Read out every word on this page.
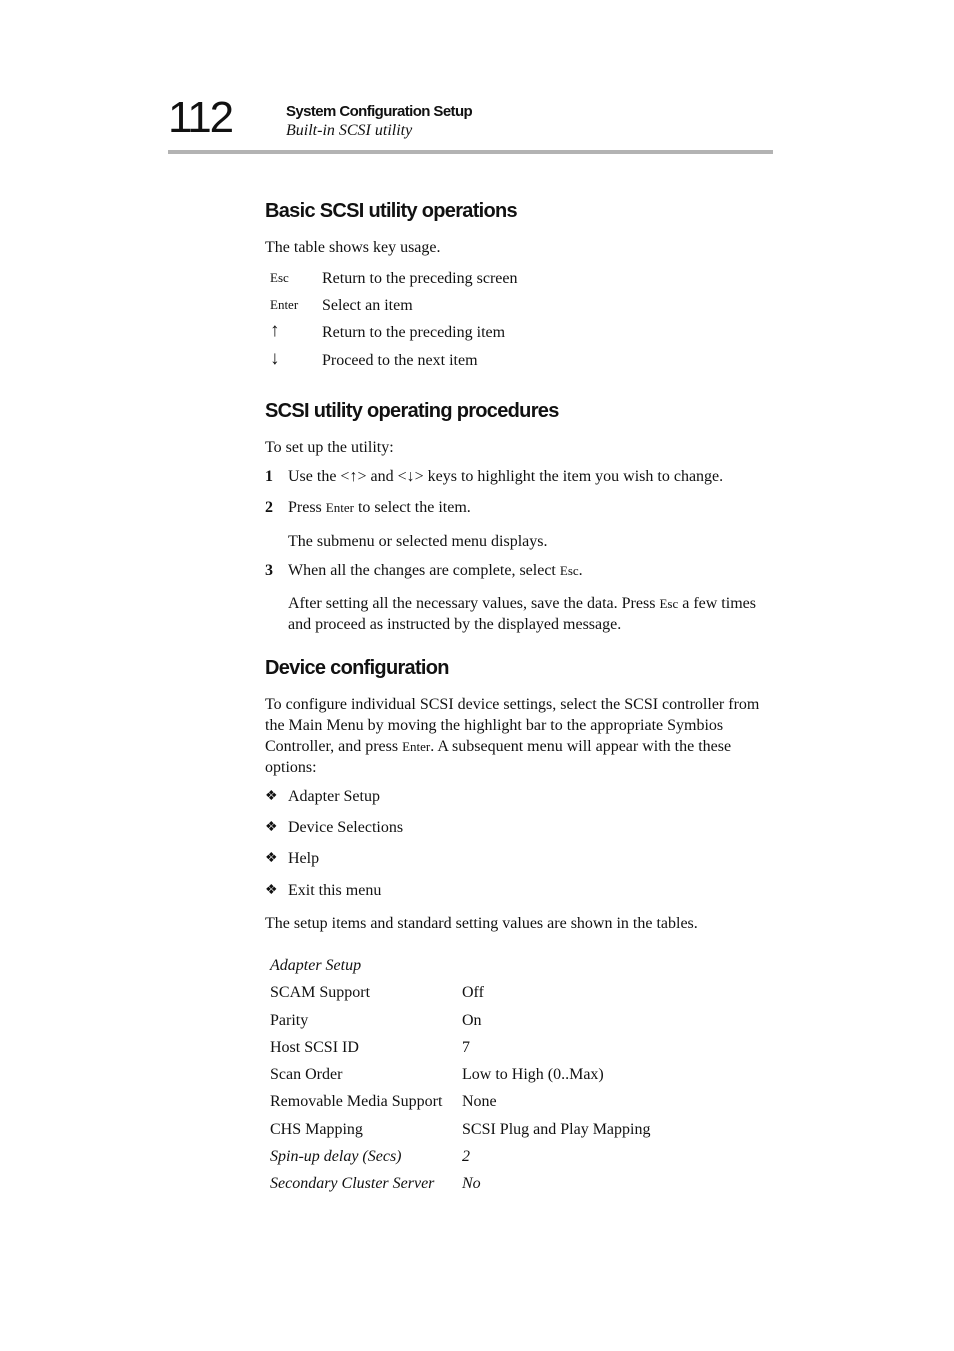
112	System Configuration Setup
Built-in SCSI utility
Basic SCSI utility operations
The table shows key usage.
Esc Return to the preceding screen
Enter Select an item
↑	Return to the preceding item
↓	Proceed to the next item
SCSI utility operating procedures
To set up the utility:
1 Use the <↑> and <↓> keys to highlight the item you wish to change.
2 Press Enter to select the item.
The submenu or selected menu displays.
3 When all the changes are complete, select Esc.
After setting all the necessary values, save the data. Press Esc a few times and proceed as instructed by the displayed message.
Device configuration
To configure individual SCSI device settings, select the SCSI controller from the Main Menu by moving the highlight bar to the appropriate Symbios Controller, and press Enter. A subsequent menu will appear with the these options:
❖ Adapter Setup
❖ Device Selections
❖ Help
❖ Exit this menu
The setup items and standard setting values are shown in the tables.
Adapter Setup
SCAM Support	Off
Parity	On
Host SCSI ID	7
Scan Order	Low to High (0..Max)
Removable Media Support None
CHS Mapping	SCSI Plug and Play Mapping
Spin-up delay (Secs)	2
Secondary Cluster Server No
